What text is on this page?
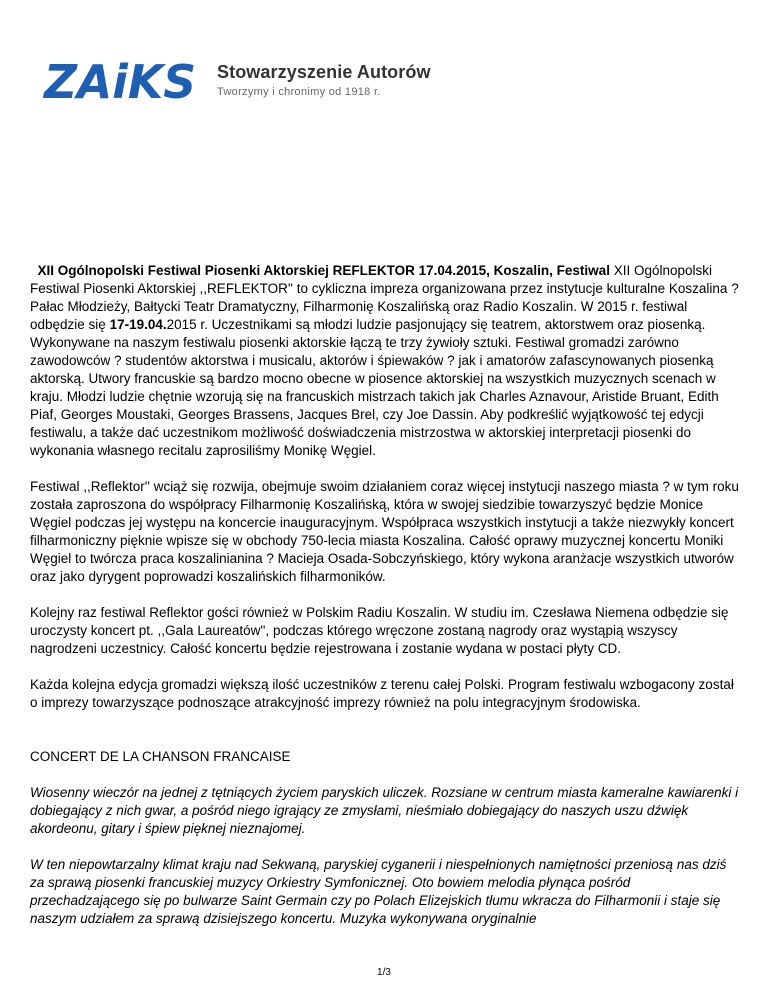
ZAiKS Stowarzyszenie Autorów
Tworzymy i chronimy od 1918 r.

XII Ogólnopolski Festiwal Piosenki Aktorskiej REFLEKTOR 17.04.2015, Koszalin, Festiwal XII Ogólnopolski Festiwal Piosenki Aktorskiej ,,REFLEKTOR'' to cykliczna impreza organizowana przez instytucje kulturalne Koszalina ? Pałac Młodzieży, Bałtycki Teatr Dramatyczny, Filharmonię Koszalińską oraz Radio Koszalin. W 2015 r. festiwal odbędzie się 17-19.04.2015 r. Uczestnikami są młodzi ludzie pasjonujący się teatrem, aktorstwem oraz piosenką. Wykonywane na naszym festiwalu piosenki aktorskie łączą te trzy żywioły sztuki. Festiwal gromadzi zarówno zawodowców ? studentów aktorstwa i musicalu, aktorów i śpiewaków ? jak i amatorów zafascynowanych piosenką aktorską. Utwory francuskie są bardzo mocno obecne w piosence aktorskiej na wszystkich muzycznych scenach w kraju. Młodzi ludzie chętnie wzorują się na francuskich mistrzach takich jak Charles Aznavour, Aristide Bruant, Edith Piaf, Georges Moustaki, Georges Brassens, Jacques Brel, czy Joe Dassin. Aby podkreślić wyjątkowość tej edycji festiwalu, a także dać uczestnikom możliwość doświadczenia mistrzostwa w aktorskiej interpretacji piosenki do wykonania własnego recitalu zaprosiliśmy Monikę Węgiel.

Festiwal ,,Reflektor'' wciąż się rozwija, obejmuje swoim działaniem coraz więcej instytucji naszego miasta ? w tym roku została zaproszona do współpracy Filharmonię Koszalińską, która w swojej siedzibie towarzyszyć będzie Monice Węgiel podczas jej występu na koncercie inauguracyjnym. Współpraca wszystkich instytucji a także niezwykły koncert filharmoniczny pięknie wpisze się w obchody 750-lecia miasta Koszalina. Całość oprawy muzycznej koncertu Moniki Węgiel to twórcza praca koszalinianina ? Macieja Osada-Sobczyńskiego, który wykona aranżacje wszystkich utworów oraz jako dyrygent poprowadzi koszalińskich filharmoników.

Kolejny raz festiwal Reflektor gości również w Polskim Radiu Koszalin. W studiu im. Czesława Niemena odbędzie się uroczysty koncert pt. ,,Gala Laureatów'', podczas którego wręczone zostaną nagrody oraz wystąpią wszyscy nagrodzeni uczestnicy. Całość koncertu będzie rejestrowana i zostanie wydana w postaci płyty CD.

Każda kolejna edycja gromadzi większą ilość uczestników z terenu całej Polski. Program festiwalu wzbogacony został o imprezy towarzyszące podnoszące atrakcyjność imprezy również na polu integracyjnym środowiska.

CONCERT DE LA CHANSON FRANCAISE

Wiosenny wieczór na jednej z tętniących życiem paryskich uliczek. Rozsiane w centrum miasta kameralne kawiarenki i dobiegający z nich gwar, a pośród niego igrający ze zmysłami, nieśmiało dobiegający do naszych uszu dźwięk akordeonu, gitary i śpiew pięknej nieznajomej.

W ten niepowtarzalny klimat kraju nad Sekwaną, paryskiej cyganerii i niespełnionych namiętności przeniosą nas dziś za sprawą piosenki francuskiej muzycy Orkiestry Symfonicznej. Oto bowiem melodia płynąca pośród przechadzającego się po bulwarze Saint Germain czy po Polach Elizejskich tłumu wkracza do Filharmonii i staje się naszym udziałem za sprawą dzisiejszego koncertu. Muzyka wykonywana oryginalnie

1/3
